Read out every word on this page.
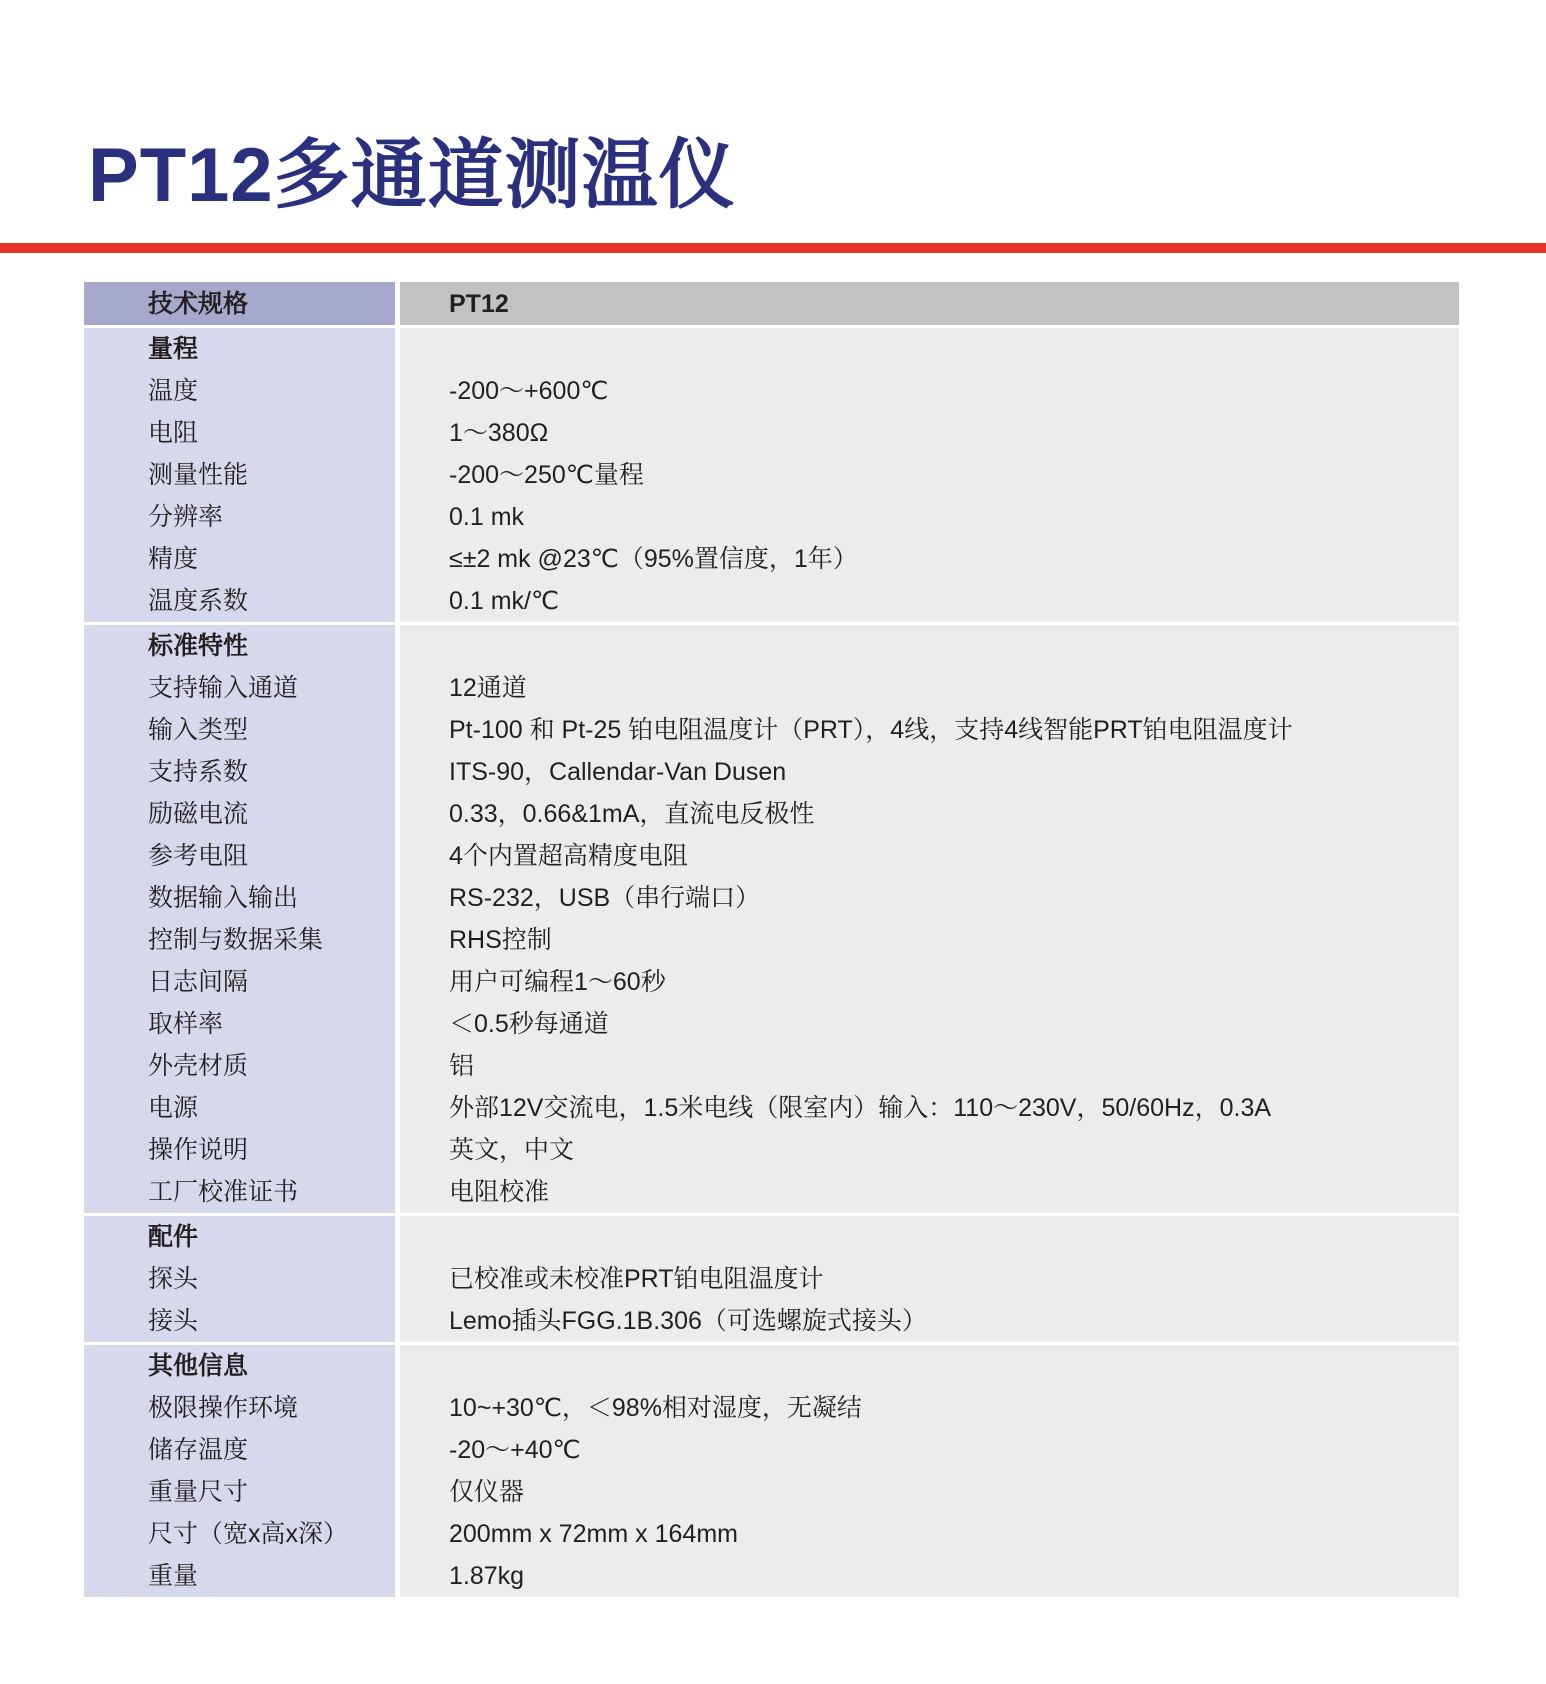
PT12多通道测温仪
技术规格	PT12
量程
温度
电阻
测量性能
分辨率
精度
温度系数
-200～+600℃
1～380Ω
-200～250℃量程
0.1 mk
≤±2 mk @23℃（95%置信度，1年）
0.1 mk/℃
标准特性
支持输入通道
输入类型
支持系数
励磁电流
参考电阻
数据输入输出
控制与数据采集
日志间隔
取样率
外壳材质
电源
操作说明
工厂校准证书
12通道
Pt-100 和 Pt-25 铂电阻温度计（PRT），4线，支持4线智能PRT铂电阻温度计
ITS-90，Callendar-Van Dusen
0.33，0.66&1mA，直流电反极性
4个内置超高精度电阻
RS-232，USB（串行端口）
RHS控制
用户可编程1～60秒
＜0.5秒每通道
铝
外部12V交流电，1.5米电线（限室内）输入：110～230V，50/60Hz，0.3A
英文，中文
电阻校准
配件
探头
接头
已校准或未校准PRT铂电阻温度计
Lemo插头FGG.1B.306（可选螺旋式接头）
其他信息
极限操作环境
储存温度
重量尺寸
尺寸（宽x高x深）
重量
10~+30℃，＜98%相对湿度，无凝结
-20～+40℃
仅仪器
200mm x 72mm x 164mm
1.87kg
